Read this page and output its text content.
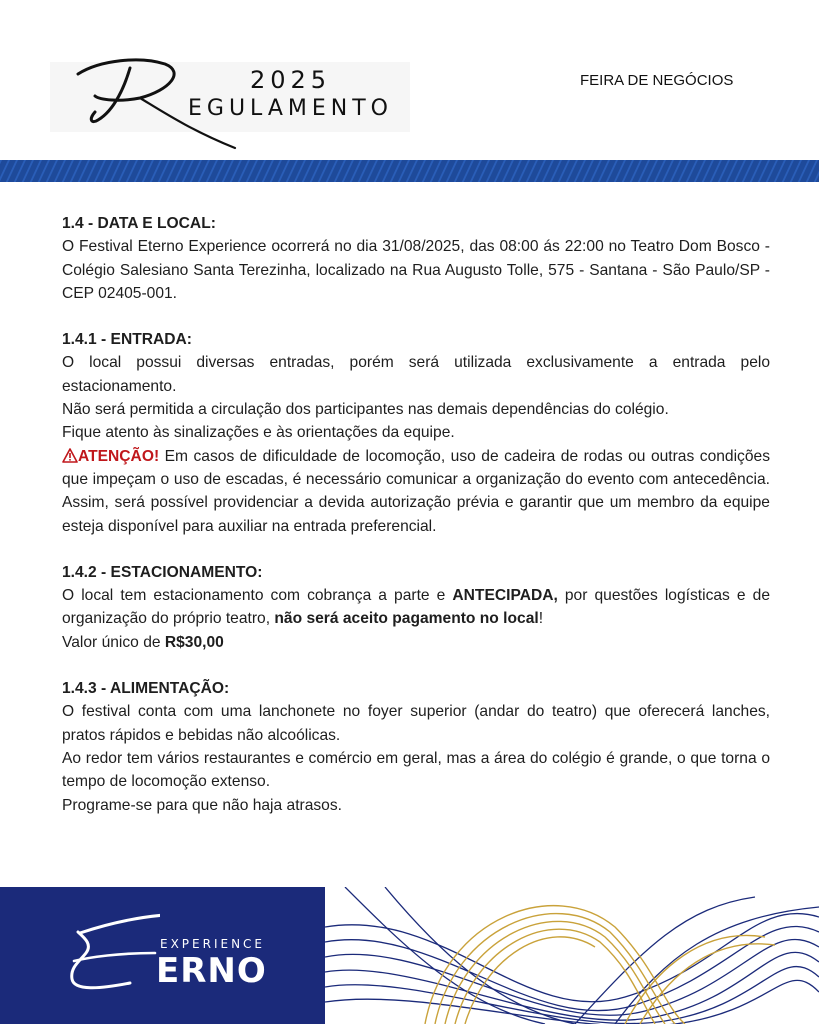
2025
EGULAMENTO
FEIRA DE NEGÓCIOS

1.4 - DATA E LOCAL:

O Festival Eterno Experience ocorrerá no dia 31/08/2025, das 08:00 ás 22:00 no Teatro Dom Bosco - Colégio Salesiano Santa Terezinha, localizado na Rua Augusto Tolle, 575 - Santana - São Paulo/SP - CEP 02405-001.

1.4.1 - ENTRADA:

O local possui diversas entradas, porém será utilizada exclusivamente a entrada pelo estacionamento.

Não será permitida a circulação dos participantes nas demais dependências do colégio.

Fique atento às sinalizações e às orientações da equipe.

ATENÇÃO! Em casos de dificuldade de locomoção, uso de cadeira de rodas ou outras condições que impeçam o uso de escadas, é necessário comunicar a organização do evento com antecedência. Assim, será possível providenciar a devida autorização prévia e garantir que um membro da equipe esteja disponível para auxiliar na entrada preferencial.

1.4.2 - ESTACIONAMENTO:

O local tem estacionamento com cobrança a parte e ANTECIPADA, por questões logísticas e de organização do próprio teatro, não será aceito pagamento no local!

Valor único de R$30,00

1.4.3 - ALIMENTAÇÃO:

O festival conta com uma lanchonete no foyer superior (andar do teatro) que oferecerá lanches, pratos rápidos e bebidas não alcoólicas.

Ao redor tem vários restaurantes e comércio em geral, mas a área do colégio é grande, o que torna o tempo de locomoção extenso.

Programe-se para que não haja atrasos.

EXPERIENCE
ERNO
